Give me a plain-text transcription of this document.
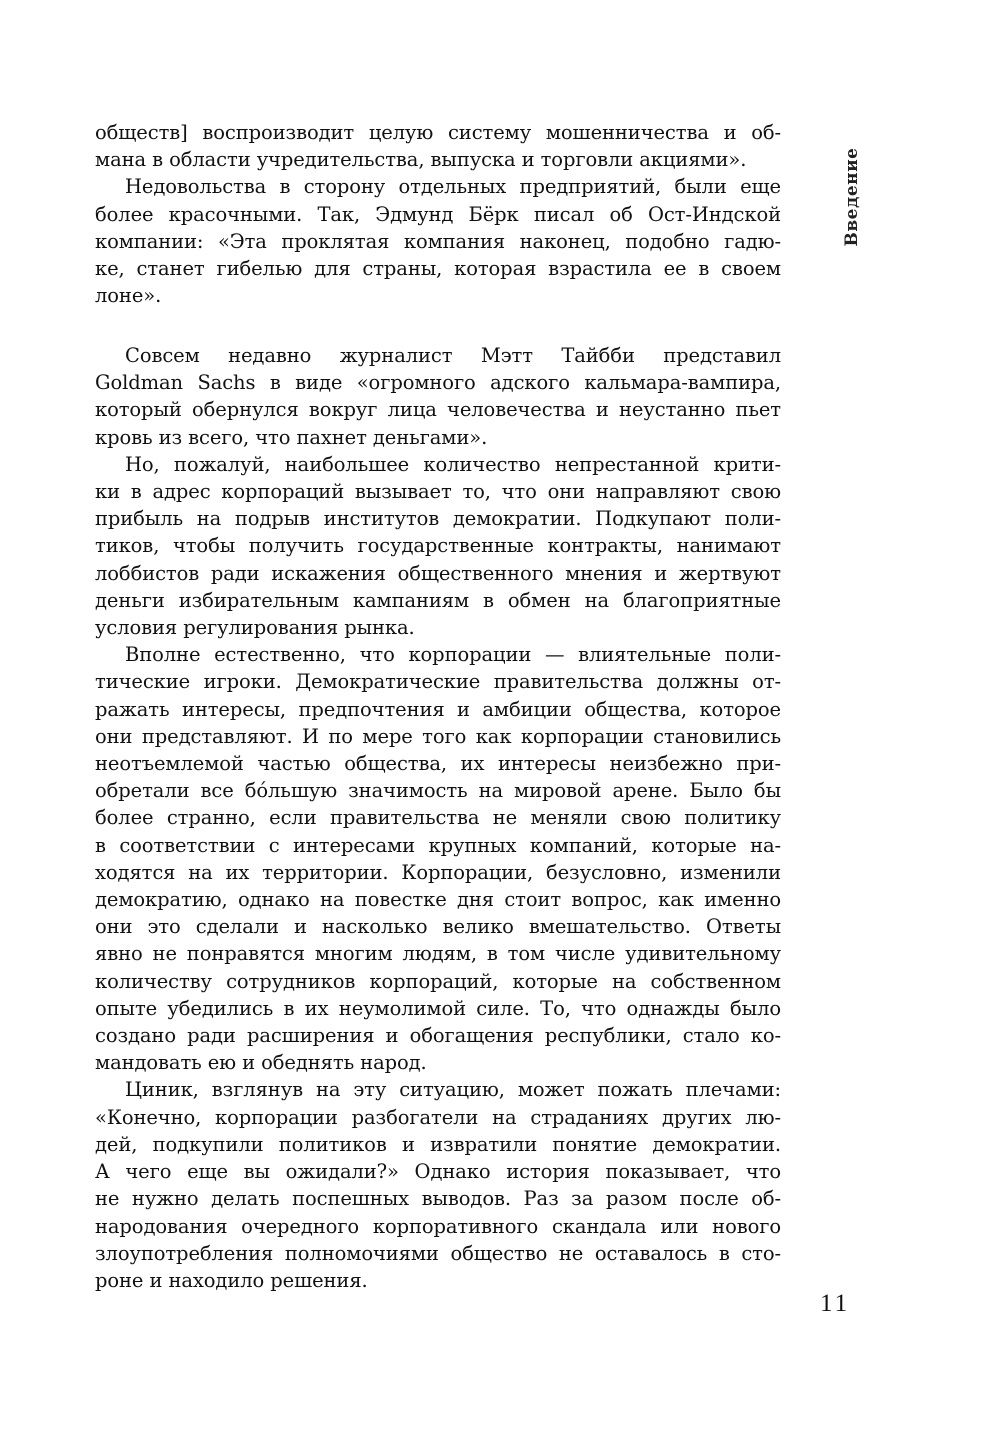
обществ] воспроизводит целую систему мошенничества и об-
мана в области учредительства, выпуска и торговли акциями».

Недовольства в сторону отдельных предприятий, были еще
более красочными. Так, Эдмунд Бёрк писал об Ост-Индской
компании: «Эта проклятая компания наконец, подобно гадю-
ке, станет гибелью для страны, которая взрастила ее в своем
лоне».

Совсем недавно журналист Мэтт Тайбби представил
Goldman Sachs в виде «огромного адского кальмара-вампира,
который обернулся вокруг лица человечества и неустанно пьет
кровь из всего, что пахнет деньгами».

Но, пожалуй, наибольшее количество непрестанной крити-
ки в адрес корпораций вызывает то, что они направляют свою
прибыль на подрыв институтов демократии. Подкупают поли-
тиков, чтобы получить государственные контракты, нанимают
лоббистов ради искажения общественного мнения и жертвуют
деньги избирательным кампаниям в обмен на благоприятные
условия регулирования рынка.

Вполне естественно, что корпорации — влиятельные поли-
тические игроки. Демократические правительства должны от-
ражать интересы, предпочтения и амбиции общества, которое
они представляют. И по мере того как корпорации становились
неотъемлемой частью общества, их интересы неизбежно при-
обретали все бóльшую значимость на мировой арене. Было бы
более странно, если правительства не меняли свою политику
в соответствии с интересами крупных компаний, которые на-
ходятся на их территории. Корпорации, безусловно, изменили
демократию, однако на повестке дня стоит вопрос, как именно
они это сделали и насколько велико вмешательство. Ответы
явно не понравятся многим людям, в том числе удивительному
количеству сотрудников корпораций, которые на собственном
опыте убедились в их неумолимой силе. То, что однажды было
создано ради расширения и обогащения республики, стало ко-
мандовать ею и обеднять народ.

Циник, взглянув на эту ситуацию, может пожать плечами:
«Конечно, корпорации разбогатели на страданиях других лю-
дей, подкупили политиков и извратили понятие демократии.
А чего еще вы ожидали?» Однако история показывает, что
не нужно делать поспешных выводов. Раз за разом после об-
народования очередного корпоративного скандала или нового
злоупотребления полномочиями общество не оставалось в сто-
роне и находило решения.

Введение
11
